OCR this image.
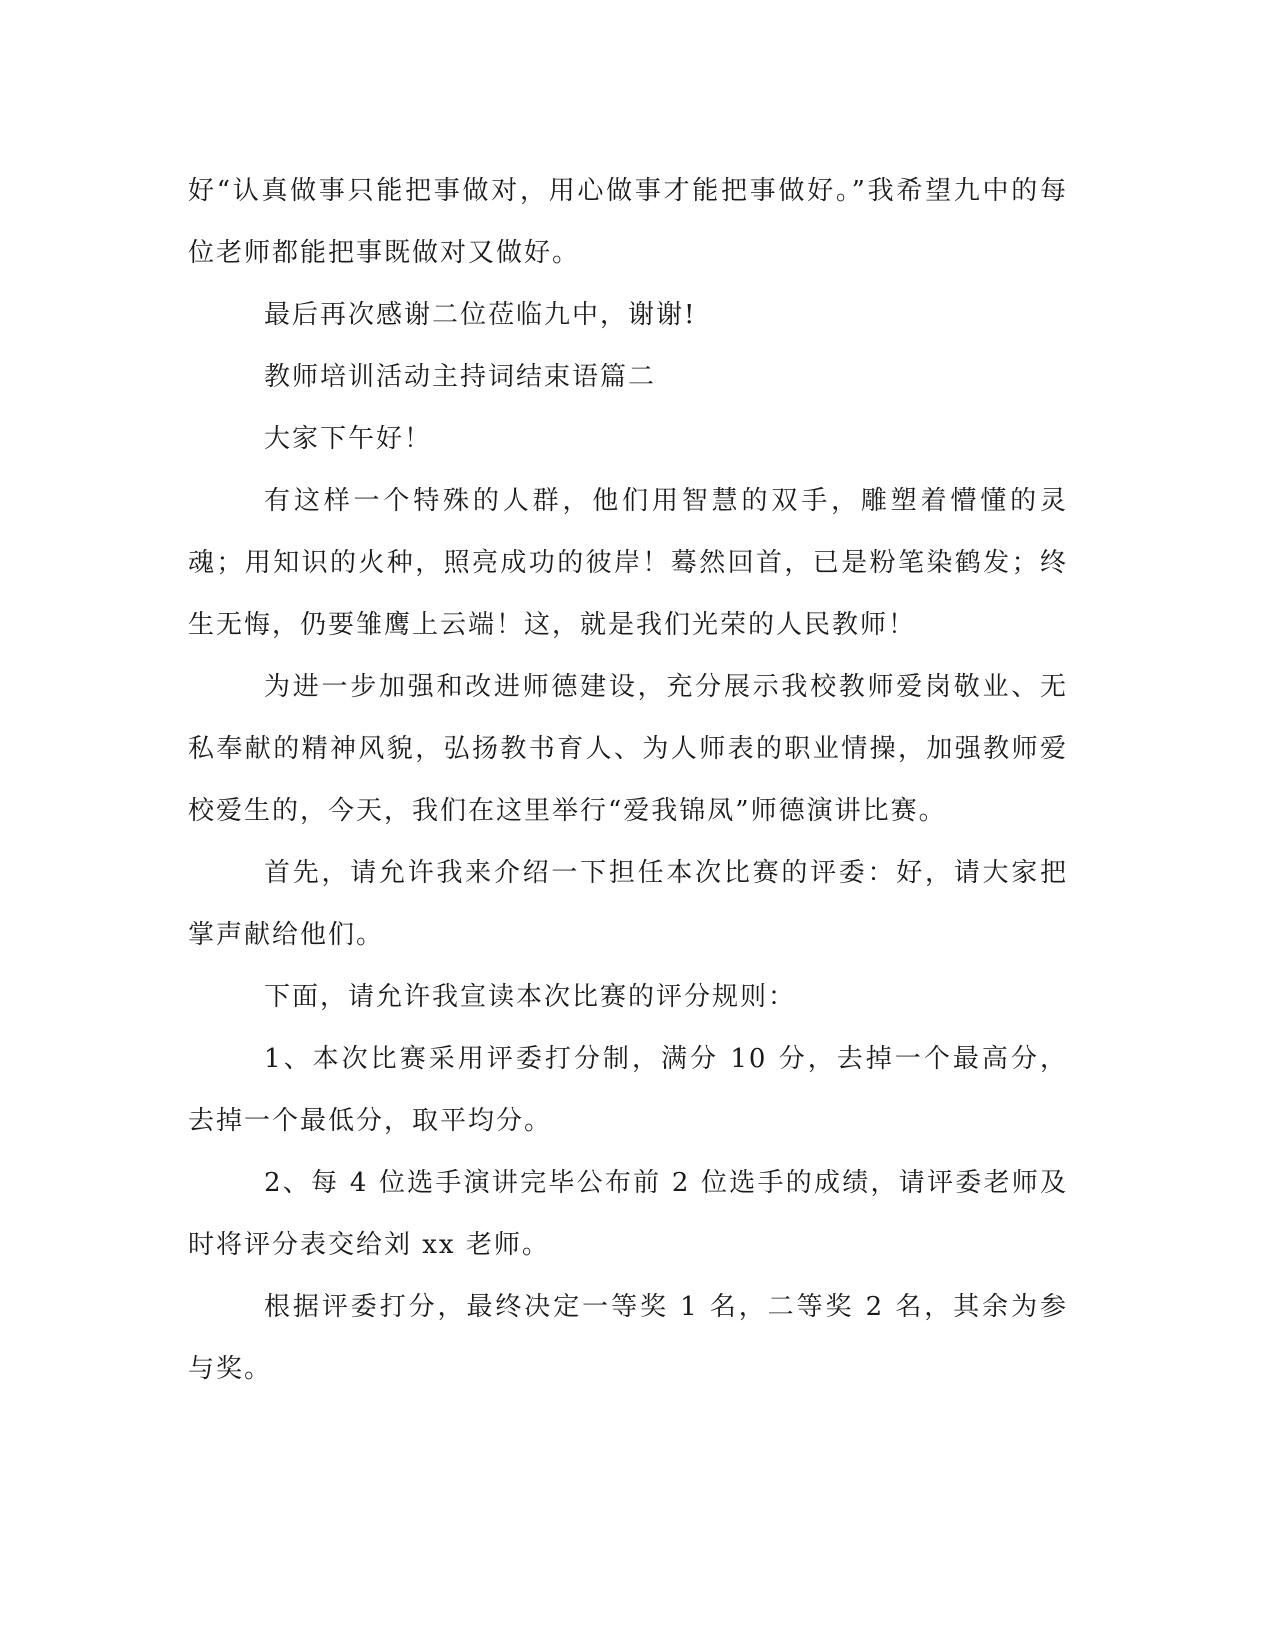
好“认真做事只能把事做对，用心做事才能把事做好。”我希望九中的每位老师都能把事既做对又做好。

最后再次感谢二位莅临九中，谢谢!

教师培训活动主持词结束语篇二

大家下午好！

有这样一个特殊的人群，他们用智慧的双手，雕塑着懵懂的灵魂；用知识的火种，照亮成功的彼岸！蓦然回首，已是粉笔染鹤发；终生无悔，仍要雏鹰上云端！这，就是我们光荣的人民教师！

为进一步加强和改进师德建设，充分展示我校教师爱岗敬业、无私奉献的精神风貌，弘扬教书育人、为人师表的职业情操，加强教师爱校爱生的，今天，我们在这里举行“爱我锦凤”师德演讲比赛。

首先，请允许我来介绍一下担任本次比赛的评委：好，请大家把掌声献给他们。

下面，请允许我宣读本次比赛的评分规则：

1、本次比赛采用评委打分制，满分 10 分，去掉一个最高分，去掉一个最低分，取平均分。

2、每 4 位选手演讲完毕公布前 2 位选手的成绩，请评委老师及时将评分表交给刘 xx 老师。

根据评委打分，最终决定一等奖 1 名，二等奖 2 名，其余为参与奖。
